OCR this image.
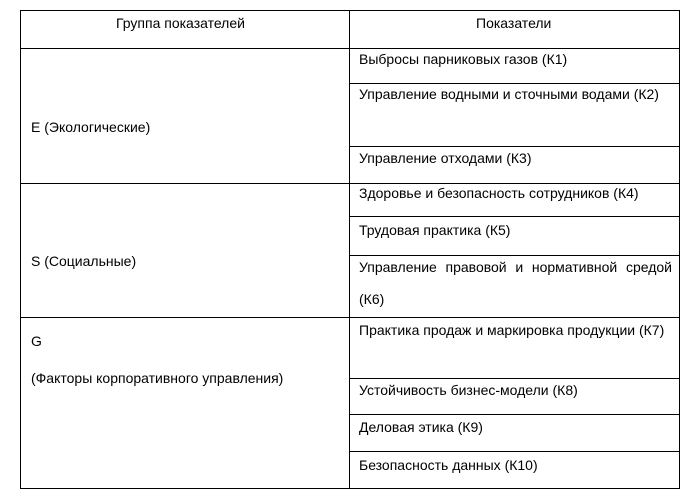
Группа показателей	Показатели
E (Экологические)
Выбросы парниковых газов (К1)
Управление водными и сточными водами (К2)
Управление отходами (К3)
S (Социальные)
Здоровье и безопасность сотрудников (К4)
Трудовая практика (К5)
Управление правовой и нормативной средой (К6)
G
(Факторы корпоративного управления)
Практика продаж и маркировка продукции (К7)
Устойчивость бизнес-модели (К8)
Деловая этика (К9)
Безопасность данных (К10)
